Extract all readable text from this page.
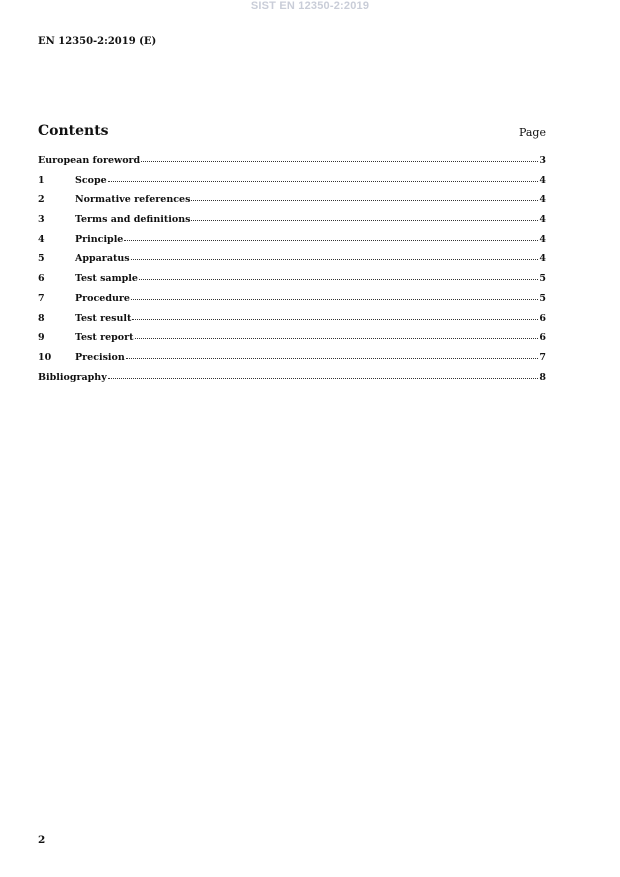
SIST EN 12350-2:2019
EN 12350-2:2019 (E)
Contents	Page
European foreword	3
1	Scope	4
2	Normative references	4
3	Terms and definitions	4
4	Principle	4
5	Apparatus	4
6	Test sample	5
7	Procedure	5
8	Test result	6
9	Test report	6
10	Precision	7
Bibliography	8
2
